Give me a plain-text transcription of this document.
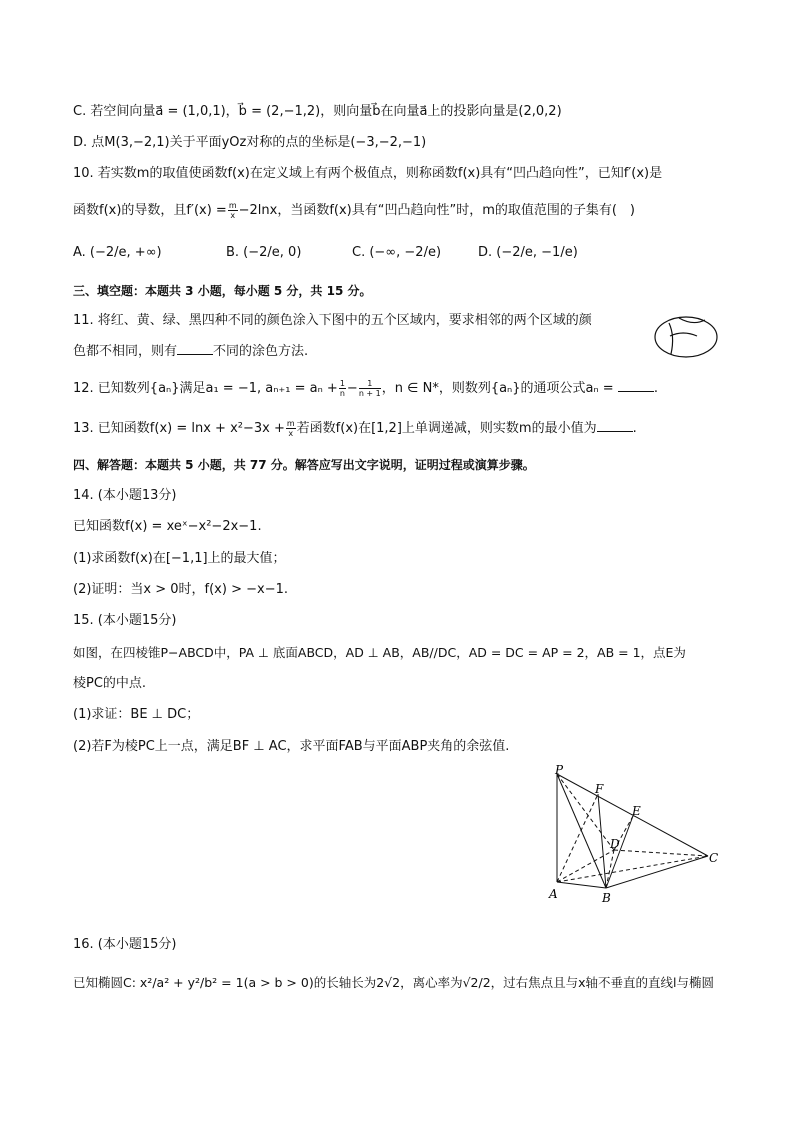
C. 若空间向量a⃗ = (1,0,1)，b⃗ = (2,−1,2)，则向量b⃗在向量a⃗上的投影向量是(2,0,2)
D. 点M(3,−2,1)关于平面yOz对称的点的坐标是(−3,−2,−1)
10. 若实数m的取值使函数f(x)在定义域上有两个极值点，则称函数f(x)具有“凹凸趋向性”，已知f′(x)是
函数f(x)的导数，且$f'(x) = \frac{m}{x} -2\ln x$，当函数f(x)具有“凹凸趋向性”时，m的取值范围的子集有(　)
A. (−2/e, +∞)	B. (−2/e, 0)	C. (−∞, −2/e)	D. (−2/e, −1/e)
三、填空题：本题共 3 小题，每小题 5 分，共 15 分。
11. 将红、黄、绿、黑四种不同的颜色涂入下图中的五个区域内，要求相邻的两个区域的颜
色都不相同，则有	不同的涂色方法.
12. 已知数列{aₙ}满足a₁ = −1, $a_{n+1} = a_n + \frac{1}{n} - \frac{1}{n + 1}$ ，n ∈ N*，则数列{aₙ}的通项公式aₙ =	.
13. 已知函数$f(x) = \ln x + x^2-3x + \frac{m}{x}$ 若函数f(x)在[1,2]上单调递减，则实数m的最小值为	.
四、解答题：本题共 5 小题，共 77 分。解答应写出文字说明，证明过程或演算步骤。
14. (本小题13分)
已知函数f(x) = xeˣ−x²−2x−1.
(1)求函数f(x)在[−1,1]上的最大值；
(2)证明：当x > 0时，f(x) > −x−1.
15. (本小题15分)
如图，在四棱锥P−ABCD中，PA ⊥ 底面ABCD，AD ⊥ AB，AB//DC，AD = DC = AP = 2，AB = 1，点E为
棱PC的中点.
(1)求证：BE ⊥ DC；
(2)若F为棱PC上一点，满足BF ⊥ AC，求平面FAB与平面ABP夹角的余弦值.
P
F
E
D
C
A	B
16. (本小题15分)
已知椭圆C: x²/a² + y²/b² = 1(a > b > 0)的长轴长为2√2，离心率为√2/2，过右焦点且与x轴不垂直的直线l与椭圆
